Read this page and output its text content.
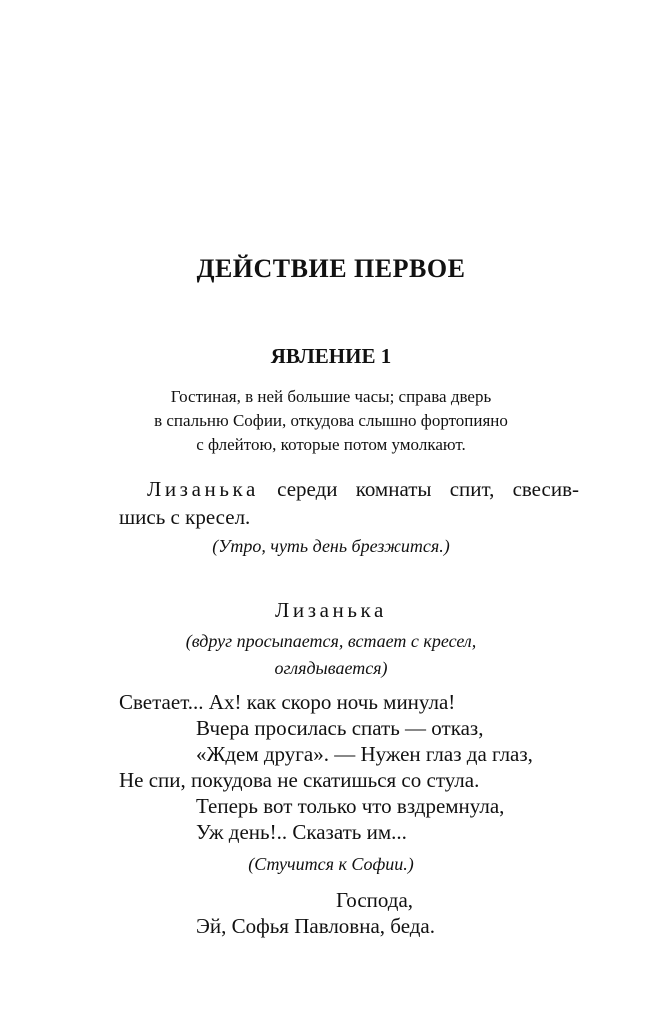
ДЕЙСТВИЕ ПЕРВОЕ
ЯВЛЕНИЕ 1
Гостиная, в ней большие часы; справа дверь
в спальню Софии, откудова слышно фортопияно
с флейтою, которые потом умолкают.
Лизанька середи комнаты спит, свесив-
шись с кресел.
(Утро, чуть день брезжится.)
Лизанька
(вдруг просыпается, встает с кресел,
оглядывается)
Светает... Ах! как скоро ночь минула!
Вчера просилась спать — отказ,
«Ждем друга». — Нужен глаз да глаз,
Не спи, покудова не скатишься со стула.
Теперь вот только что вздремнула,
Уж день!.. Сказать им...
(Стучится к Софии.)
Господа,
Эй, Софья Павловна, беда.
